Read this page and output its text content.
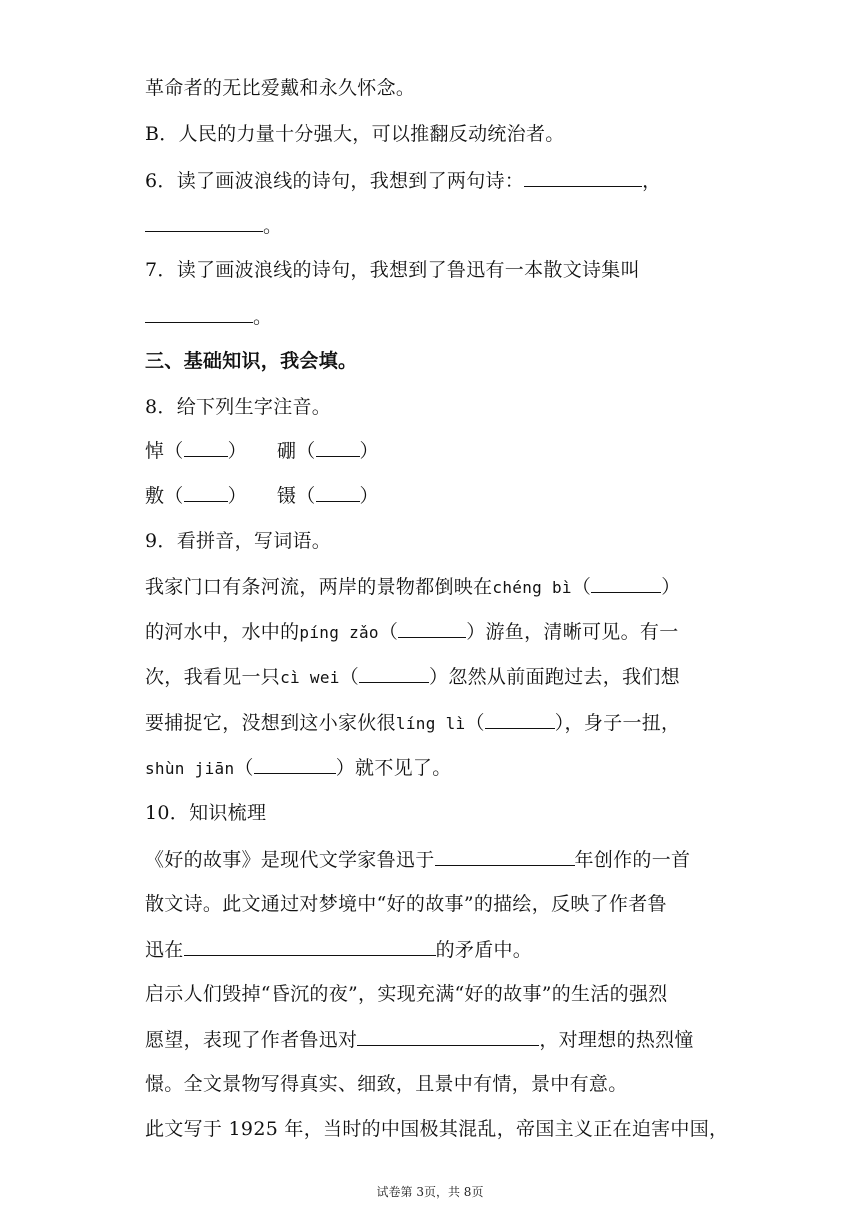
革命者的无比爱戴和永久怀念。
B．人民的力量十分强大，可以推翻反动统治者。
6．读了画波浪线的诗句，我想到了两句诗：	，
。
7．读了画波浪线的诗句，我想到了鲁迅有一本散文诗集叫
。
三、基础知识，我会填。
8．给下列生字注音。
悼（ ） 硼（ ）
敷（ ） 镊（ ）
9．看拼音，写词语。
我家门口有条河流，两岸的景物都倒映在chéng bì（	）
的河水中，水中的píng zǎo（	）游鱼，清晰可见。有一
次，我看见一只cì wei（	）忽然从前面跑过去，我们想
要捕捉它，没想到这小家伙很líng lì（	），身子一扭，
shùn jiān（	）就不见了。
10．知识梳理
《好的故事》是现代文学家鲁迅于	年创作的一首
散文诗。此文通过对梦境中“好的故事”的描绘，反映了作者鲁
迅在	的矛盾中。
启示人们毁掉“昏沉的夜”，实现充满“好的故事”的生活的强烈
愿望，表现了作者鲁迅对	，对理想的热烈憧
憬。全文景物写得真实、细致，且景中有情，景中有意。
此文写于 1925 年，当时的中国极其混乱，帝国主义正在迫害中国，
试卷第 3页，共 8页
